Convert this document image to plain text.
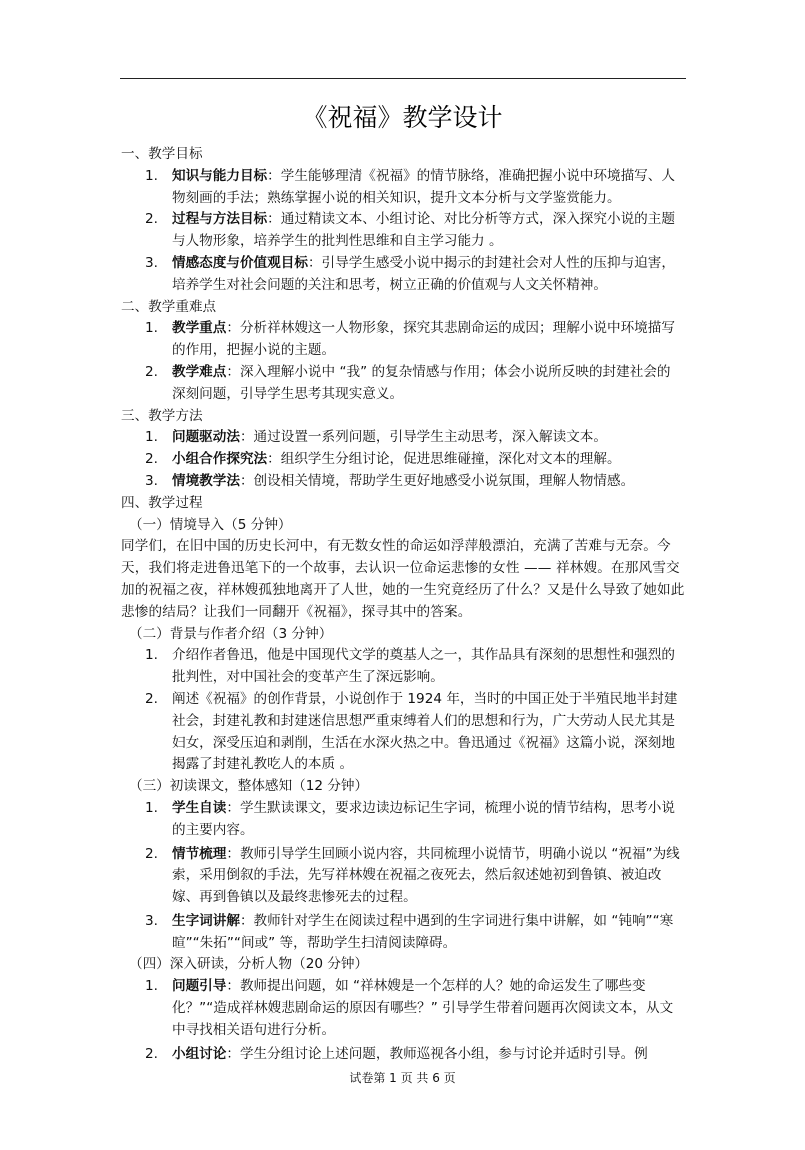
《祝福》教学设计
一、教学目标
1.	知识与能力目标：学生能够理清《祝福》的情节脉络，准确把握小说中环境描写、人物刻画的手法；熟练掌握小说的相关知识，提升文本分析与文学鉴赏能力。
2.	过程与方法目标：通过精读文本、小组讨论、对比分析等方式，深入探究小说的主题与人物形象，培养学生的批判性思维和自主学习能力 。
3.	情感态度与价值观目标：引导学生感受小说中揭示的封建社会对人性的压抑与迫害，培养学生对社会问题的关注和思考，树立正确的价值观与人文关怀精神。
二、教学重难点
1.	教学重点：分析祥林嫂这一人物形象，探究其悲剧命运的成因；理解小说中环境描写的作用，把握小说的主题。
2.	教学难点：深入理解小说中 “我” 的复杂情感与作用；体会小说所反映的封建社会的深刻问题，引导学生思考其现实意义。
三、教学方法
1.	问题驱动法：通过设置一系列问题，引导学生主动思考，深入解读文本。
2.	小组合作探究法：组织学生分组讨论，促进思维碰撞，深化对文本的理解。
3.	情境教学法：创设相关情境，帮助学生更好地感受小说氛围，理解人物情感。
四、教学过程
（一）情境导入（5 分钟）
同学们，在旧中国的历史长河中，有无数女性的命运如浮萍般漂泊，充满了苦难与无奈。今天，我们将走进鲁迅笔下的一个故事，去认识一位命运悲惨的女性 —— 祥林嫂。在那风雪交加的祝福之夜，祥林嫂孤独地离开了人世，她的一生究竟经历了什么？又是什么导致了她如此悲惨的结局？让我们一同翻开《祝福》，探寻其中的答案。
（二）背景与作者介绍（3 分钟）
1.	介绍作者鲁迅，他是中国现代文学的奠基人之一，其作品具有深刻的思想性和强烈的批判性，对中国社会的变革产生了深远影响。
2.	阐述《祝福》的创作背景，小说创作于 1924 年，当时的中国正处于半殖民地半封建社会，封建礼教和封建迷信思想严重束缚着人们的思想和行为，广大劳动人民尤其是妇女，深受压迫和剥削，生活在水深火热之中。鲁迅通过《祝福》这篇小说，深刻地揭露了封建礼教吃人的本质 。
（三）初读课文，整体感知（12 分钟）
1.	学生自读：学生默读课文，要求边读边标记生字词，梳理小说的情节结构，思考小说的主要内容。
2.	情节梳理：教师引导学生回顾小说内容，共同梳理小说情节，明确小说以 “祝福”为线索，采用倒叙的手法，先写祥林嫂在祝福之夜死去，然后叙述她初到鲁镇、被迫改嫁、再到鲁镇以及最终悲惨死去的过程。
3.	生字词讲解：教师针对学生在阅读过程中遇到的生字词进行集中讲解，如 “钝响”“寒暄”“朱拓”“间或” 等，帮助学生扫清阅读障碍。
（四）深入研读，分析人物（20 分钟）
1.	问题引导：教师提出问题，如 “祥林嫂是一个怎样的人？她的命运发生了哪些变化？”“造成祥林嫂悲剧命运的原因有哪些？” 引导学生带着问题再次阅读文本，从文中寻找相关语句进行分析。
2.	小组讨论：学生分组讨论上述问题，教师巡视各小组，参与讨论并适时引导。例
试卷第 1 页 共 6 页
